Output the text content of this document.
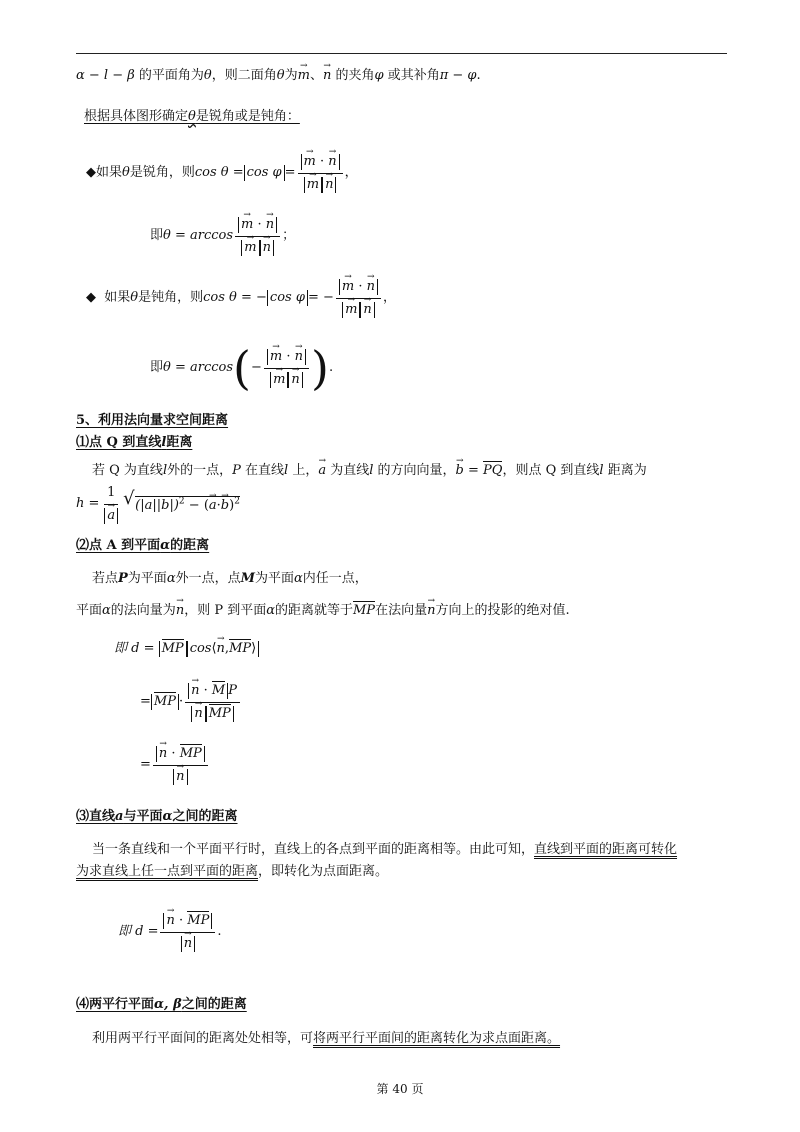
α − l − β 的平面角为θ，则二面角θ为→ m、→ n 的夹角φ 或其补角π − φ.
根据具体图形确定θ是锐角或是钝角：
◆ 如果 θ 是锐角，则 cos θ = cos φ = → m · → n
→ m → n ，
即 θ = arccos → m · → n
→ m → n ；
◆
如果 θ 是钝角，则 cos θ = − cos φ = − → m · → n
→ m → n ，
即 θ = arccos ( − → m · → n
→ m → n ) .
5、利用法向量求空间距离
⑴点 Q 到直线l距离
若 Q 为直线l外的一点，P 在直线l 上，→ a 为直线l 的方向向量，→ b = PQ，则点 Q 到直线l 距离为
h = 1
→ a	√ $(|a||b|)^2$ − (→ a·→ b)$^2$
⑵点 A 到平面α的距离
若点P为平面α外一点，点M为平面α内任一点，
平面α的法向量为→ n，则 P 到平面α的距离就等于MP在法向量→ n方向上的投影的绝对值.
即 d = MP cos⟨→ n,MP⟩
= MP · → n · M P
→ n MP
= → n · MP
→ n
⑶直线a与平面α之间的距离
当一条直线和一个平面平行时，直线上的各点到平面的距离相等。由此可知，直线到平面的距离可转化
为求直线上任一点到平面的距离，即转化为点面距离。
即 d = → n · MP
→ n .
⑷两平行平面α, β之间的距离
利用两平行平面间的距离处处相等，可将两平行平面间的距离转化为求点面距离。
第 40 页
